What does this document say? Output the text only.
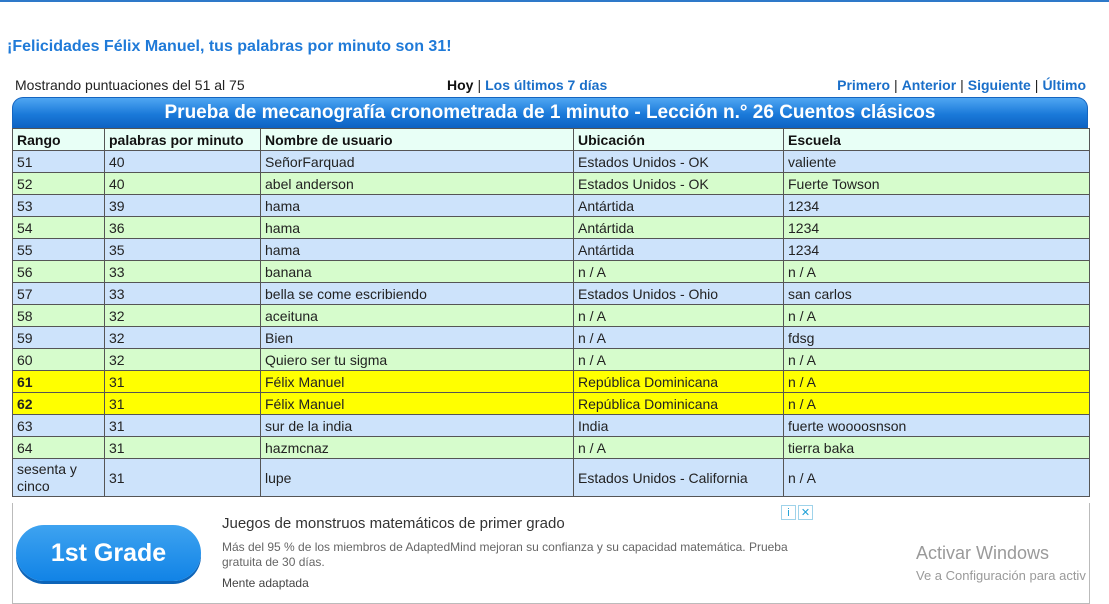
¡Felicidades Félix Manuel, tus palabras por minuto son 31!
Mostrando puntuaciones del 51 al 75	Hoy | Los últimos 7 días	Primero | Anterior | Siguiente | Último
Prueba de mecanografía cronometrada de 1 minuto - Lección n.° 26 Cuentos clásicos
Rango	palabras por minuto	Nombre de usuario	Ubicación	Escuela
51	40	SeñorFarquad	Estados Unidos - OK	valiente
52	40	abel anderson	Estados Unidos - OK	Fuerte Towson
53	39	hama	Antártida	1234
54	36	hama	Antártida	1234
55	35	hama	Antártida	1234
56	33	banana	n / A	n / A
57	33	bella se come escribiendo	Estados Unidos - Ohio	san carlos
58	32	aceituna	n / A	n / A
59	32	Bien	n / A	fdsg
60	32	Quiero ser tu sigma	n / A	n / A
61	31	Félix Manuel	República Dominicana	n / A
62	31	Félix Manuel	República Dominicana	n / A
63	31	sur de la india	India	fuerte woooosnson
64	31	hazmcnaz	n / A	tierra baka
sesenta y cinco	31	lupe	Estados Unidos - California	n / A
1st Grade
Juegos de monstruos matemáticos de primer grado
Más del 95 % de los miembros de AdaptedMind mejoran su confianza y su capacidad matemática. Prueba gratuita de 30 días.
Mente adaptada
i	✕
Activar Windows
Ve a Configuración para activ
